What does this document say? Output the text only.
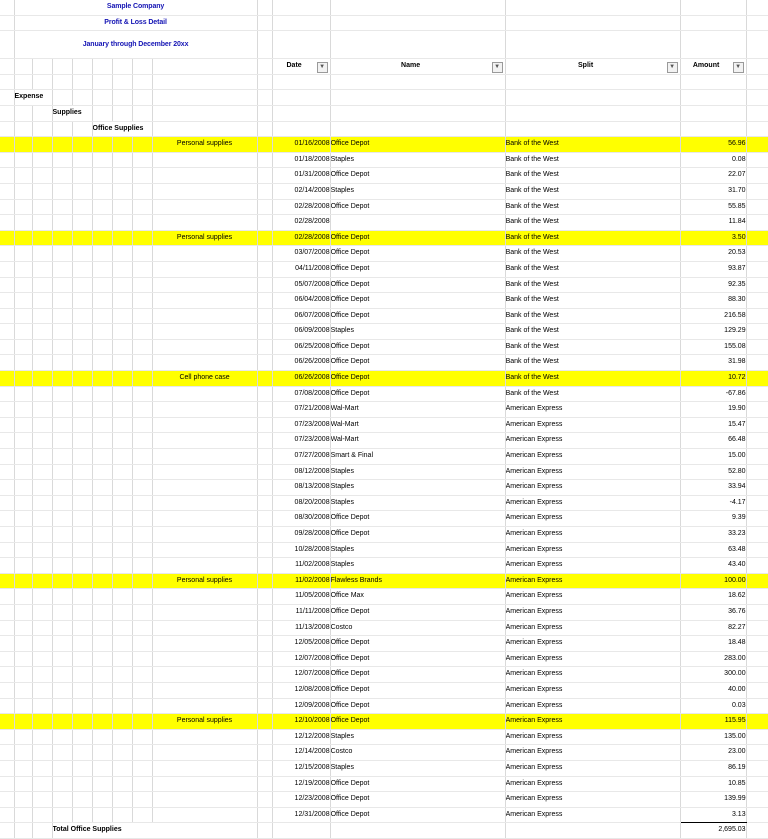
	Sample Company													
	Profit & Loss Detail													
	January through December 20xx													
										Date ▼	Name ▼	Split ▼	Amount ▼	

	Expense													
			Supplies											
					Office Supplies									
								Personal supplies		01/16/2008	Office Depot	Bank of the West	56.96	
										01/18/2008	Staples	Bank of the West	0.08	
										01/31/2008	Office Depot	Bank of the West	22.07	
										02/14/2008	Staples	Bank of the West	31.70	
										02/28/2008	Office Depot	Bank of the West	55.85	
										02/28/2008		Bank of the West	11.84	
								Personal supplies		02/28/2008	Office Depot	Bank of the West	3.50	
										03/07/2008	Office Depot	Bank of the West	20.53	
										04/11/2008	Office Depot	Bank of the West	93.87	
										05/07/2008	Office Depot	Bank of the West	92.35	
										06/04/2008	Office Depot	Bank of the West	88.30	
										06/07/2008	Office Depot	Bank of the West	216.58	
										06/09/2008	Staples	Bank of the West	129.29	
										06/25/2008	Office Depot	Bank of the West	155.08	
										06/26/2008	Office Depot	Bank of the West	31.98	
								Cell phone case		06/26/2008	Office Depot	Bank of the West	10.72	
										07/08/2008	Office Depot	Bank of the West	-67.86	
										07/21/2008	Wal-Mart	American Express	19.90	
										07/23/2008	Wal-Mart	American Express	15.47	
										07/23/2008	Wal-Mart	American Express	66.48	
										07/27/2008	Smart & Final	American Express	15.00	
										08/12/2008	Staples	American Express	52.80	
										08/13/2008	Staples	American Express	33.94	
										08/20/2008	Staples	American Express	-4.17	
										08/30/2008	Office Depot	American Express	9.39	
										09/28/2008	Office Depot	American Express	33.23	
										10/28/2008	Staples	American Express	63.48	
										11/02/2008	Staples	American Express	43.40	
								Personal supplies		11/02/2008	Flawless Brands	American Express	100.00	
										11/05/2008	Office Max	American Express	18.62	
										11/11/2008	Office Depot	American Express	36.76	
										11/13/2008	Costco	American Express	82.27	
										12/05/2008	Office Depot	American Express	18.48	
										12/07/2008	Office Depot	American Express	283.00	
										12/07/2008	Office Depot	American Express	300.00	
										12/08/2008	Office Depot	American Express	40.00	
										12/09/2008	Office Depot	American Express	0.03	
								Personal supplies		12/10/2008	Office Depot	American Express	115.95	
										12/12/2008	Staples	American Express	135.00	
										12/14/2008	Costco	American Express	23.00	
										12/15/2008	Staples	American Express	86.19	
										12/19/2008	Office Depot	American Express	10.85	
										12/23/2008	Office Depot	American Express	139.99	
										12/31/2008	Office Depot	American Express	3.13	
			Total Office Supplies					2,695.03	
